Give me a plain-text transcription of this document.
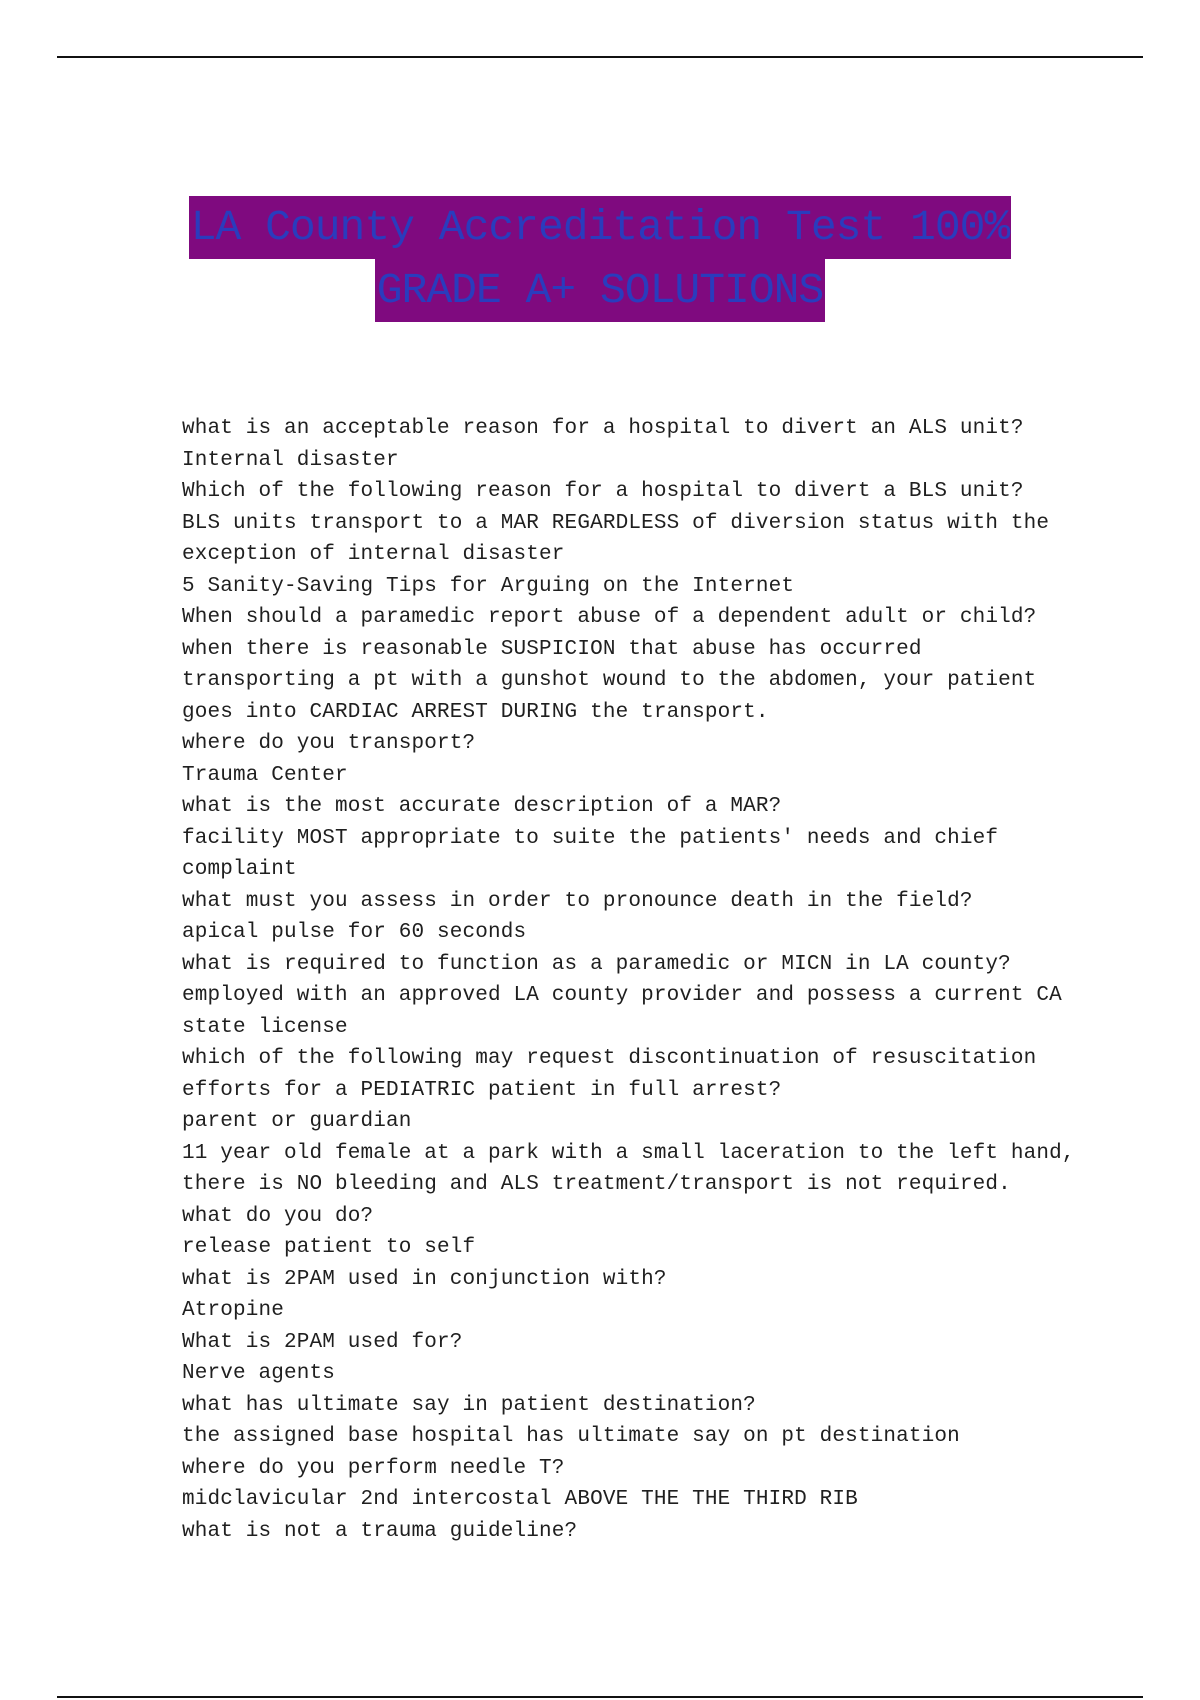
LA County Accreditation Test 100%
GRADE A+ SOLUTIONS
what is an acceptable reason for a hospital to divert an ALS unit?
Internal disaster
Which of the following reason for a hospital to divert a BLS unit?
BLS units transport to a MAR REGARDLESS of diversion status with the
exception of internal disaster
5 Sanity-Saving Tips for Arguing on the Internet
When should a paramedic report abuse of a dependent adult or child?
when there is reasonable SUSPICION that abuse has occurred
transporting a pt with a gunshot wound to the abdomen, your patient
goes into CARDIAC ARREST DURING the transport.
where do you transport?
Trauma Center
what is the most accurate description of a MAR?
facility MOST appropriate to suite the patients' needs and chief
complaint
what must you assess in order to pronounce death in the field?
apical pulse for 60 seconds
what is required to function as a paramedic or MICN in LA county?
employed with an approved LA county provider and possess a current CA
state license
which of the following may request discontinuation of resuscitation
efforts for a PEDIATRIC patient in full arrest?
parent or guardian
11 year old female at a park with a small laceration to the left hand,
there is NO bleeding and ALS treatment/transport is not required.
what do you do?
release patient to self
what is 2PAM used in conjunction with?
Atropine
What is 2PAM used for?
Nerve agents
what has ultimate say in patient destination?
the assigned base hospital has ultimate say on pt destination
where do you perform needle T?
midclavicular 2nd intercostal ABOVE THE THE THIRD RIB
what is not a trauma guideline?
